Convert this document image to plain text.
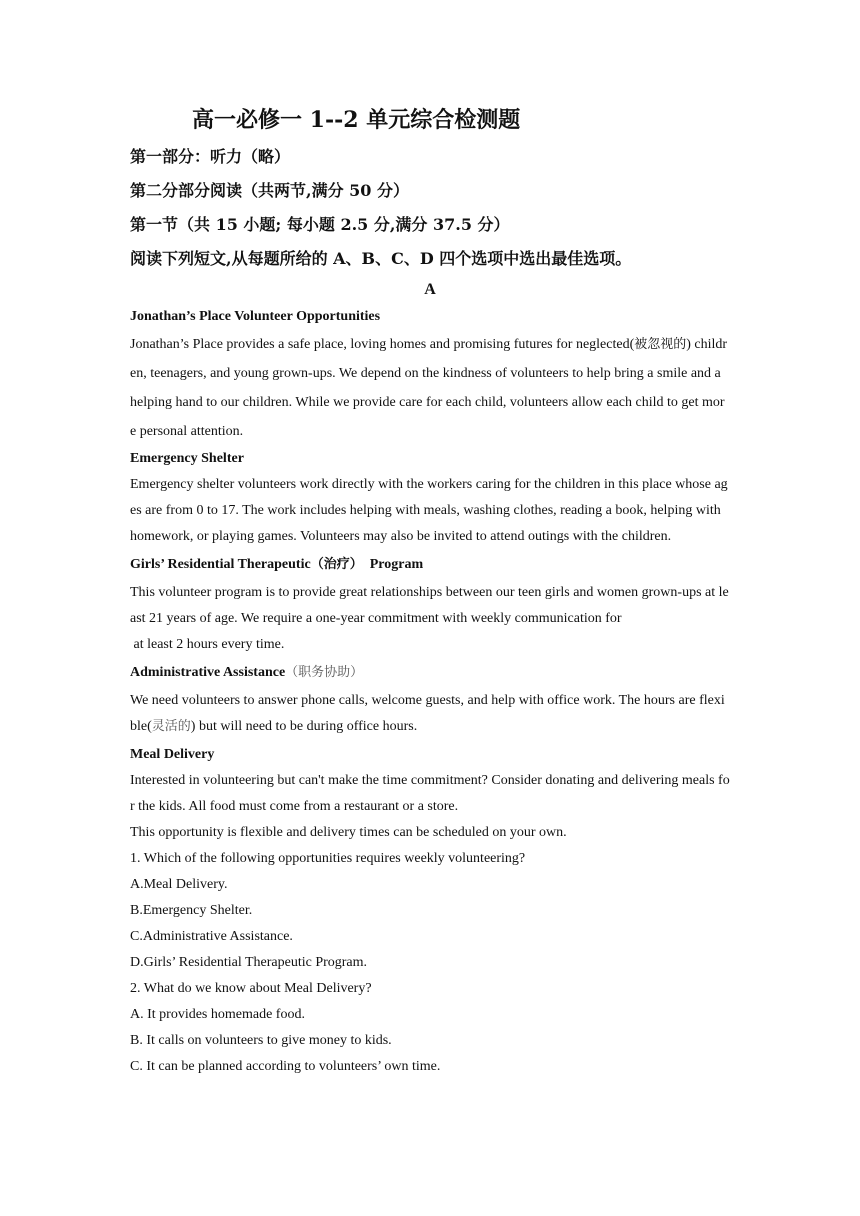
高一必修一 1--2 单元综合检测题
第一部分：听力（略）
第二分部分阅读（共两节,满分 50 分）
第一节（共 15 小题; 每小题 2.5 分,满分 37.5 分）
阅读下列短文,从每题所给的 A、B、C、D 四个选项中选出最佳选项。
A
Jonathan’s Place Volunteer Opportunities

Jonathan’s Place provides a safe place, loving homes and promising futures for neglected(被忽视的) children, teenagers, and young grown-ups. We depend on the kindness of volunteers to help bring a smile and a helping hand to our children. While we provide care for each child, volunteers allow each child to get more personal attention.

Emergency Shelter

Emergency shelter volunteers work directly with the workers caring for the children in this place whose ages are from 0 to 17. The work includes helping with meals, washing clothes, reading a book, helping with homework, or playing games. Volunteers may also be invited to attend outings with the children.

Girls’ Residential Therapeutic（治疗） Program

This volunteer program is to provide great relationships between our teen girls and women grown-ups at least 21 years of age. We require a one-year commitment with weekly communication for

at least 2 hours every time.

Administrative Assistance（职务协助）

We need volunteers to answer phone calls, welcome guests, and help with office work. The hours are flexible(灵活的) but will need to be during office hours.

Meal Delivery

Interested in volunteering but can't make the time commitment? Consider donating and delivering meals for the kids. All food must come from a restaurant or a store.

This opportunity is flexible and delivery times can be scheduled on your own.

1. Which of the following opportunities requires weekly volunteering?
A.Meal Delivery.
B.Emergency Shelter.
C.Administrative Assistance.
D.Girls’ Residential Therapeutic Program.
2. What do we know about Meal Delivery?
A. It provides homemade food.
B. It calls on volunteers to give money to kids.
C. It can be planned according to volunteers’ own time.
